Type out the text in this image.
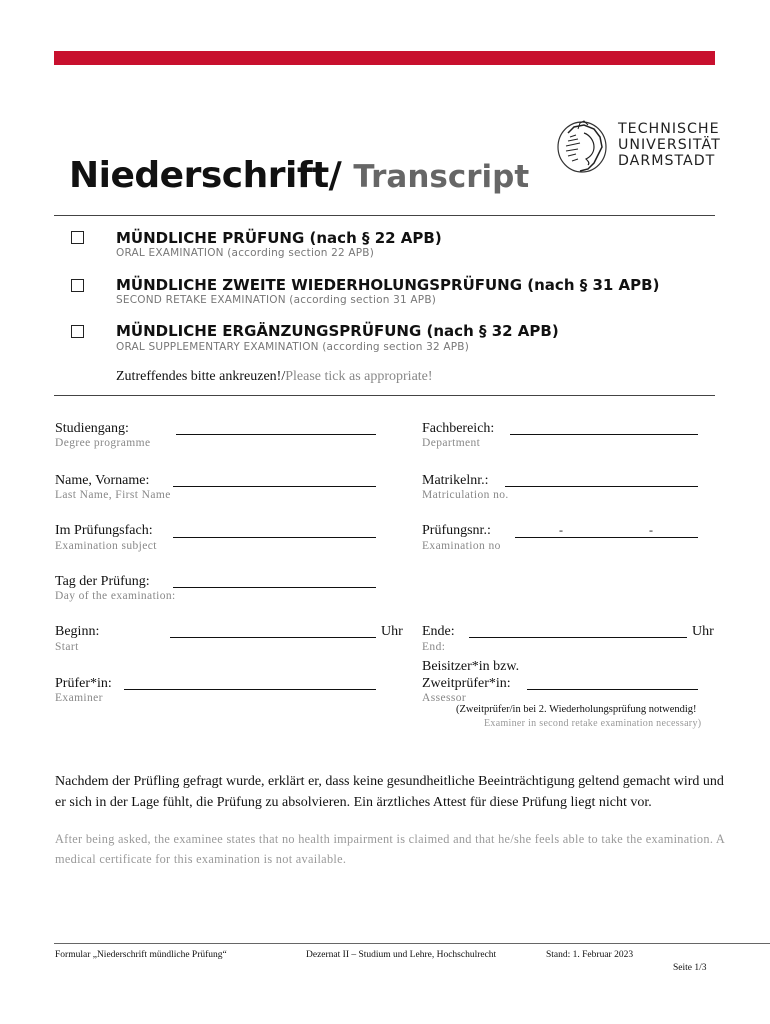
TECHNISCHE
UNIVERSITÄT
DARMSTADT
Niederschrift/ Transcript
MÜNDLICHE PRÜFUNG (nach § 22 APB)
ORAL EXAMINATION (according section 22 APB)
MÜNDLICHE ZWEITE WIEDERHOLUNGSPRÜFUNG (nach § 31 APB)
SECOND RETAKE EXAMINATION (according section 31 APB)
MÜNDLICHE ERGÄNZUNGSPRÜFUNG (nach § 32 APB)
ORAL SUPPLEMENTARY EXAMINATION (according section 32 APB)
Zutreffendes bitte ankreuzen!/Please tick as appropriate!
Studiengang:
Degree programme
Fachbereich:
Department
Name, Vorname:
Last Name, First Name
Matrikelnr.:
Matriculation no.
Im Prüfungsfach:
Examination subject
Prüfungsnr.:	-	-
Examination no
Tag der Prüfung:
Day of the examination:
Beginn:	Uhr
Start
Ende:	Uhr
End:
Beisitzer*in bzw.
Zweitprüfer*in:
Assessor
Prüfer*in:
Examiner
(Zweitprüfer/in bei 2. Wiederholungsprüfung notwendig!
Examiner in second retake examination necessary)
Nachdem der Prüfling gefragt wurde, erklärt er, dass keine gesundheitliche Beeinträchtigung geltend gemacht wird und er sich in der Lage fühlt, die Prüfung zu absolvieren. Ein ärztliches Attest für diese Prüfung liegt nicht vor.
After being asked, the examinee states that no health impairment is claimed and that he/she feels able to take the examination. A medical certificate for this examination is not available.
Formular „Niederschrift mündliche Prüfung“	Dezernat II – Studium und Lehre, Hochschulrecht	Stand: 1. Februar 2023
Seite 1/3
